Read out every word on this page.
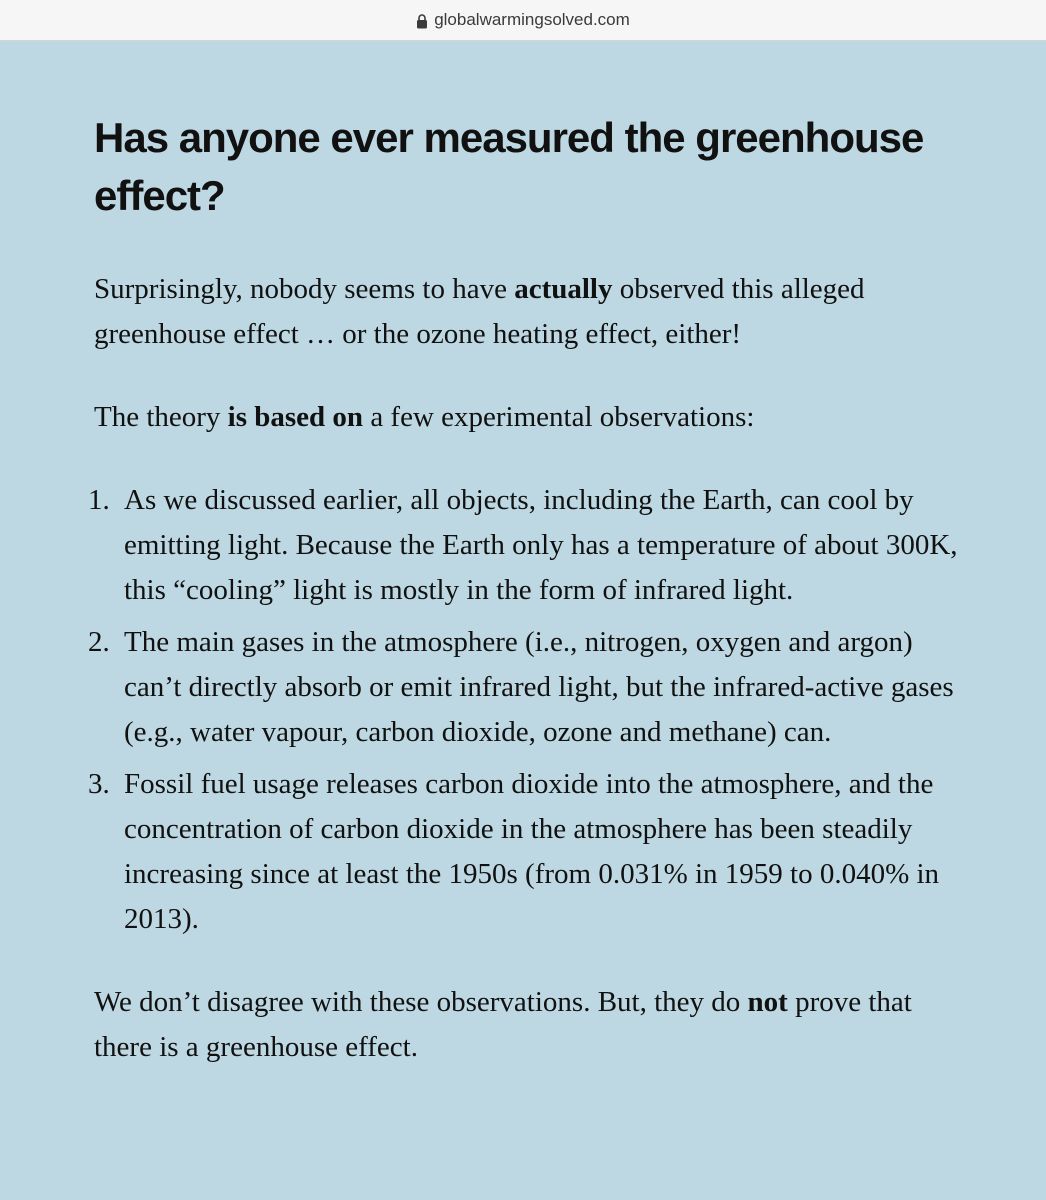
globalwarmingsolved.com
Has anyone ever measured the greenhouse effect?

Surprisingly, nobody seems to have actually observed this alleged greenhouse effect … or the ozone heating effect, either!

The theory is based on a few experimental observations:

1. As we discussed earlier, all objects, including the Earth, can cool by emitting light. Because the Earth only has a temperature of about 300K, this “cooling” light is mostly in the form of infrared light.
2. The main gases in the atmosphere (i.e., nitrogen, oxygen and argon) can’t directly absorb or emit infrared light, but the infrared-active gases (e.g., water vapour, carbon dioxide, ozone and methane) can.
3. Fossil fuel usage releases carbon dioxide into the atmosphere, and the concentration of carbon dioxide in the atmosphere has been steadily increasing since at least the 1950s (from 0.031% in 1959 to 0.040% in 2013).

We don’t disagree with these observations. But, they do not prove that there is a greenhouse effect.
